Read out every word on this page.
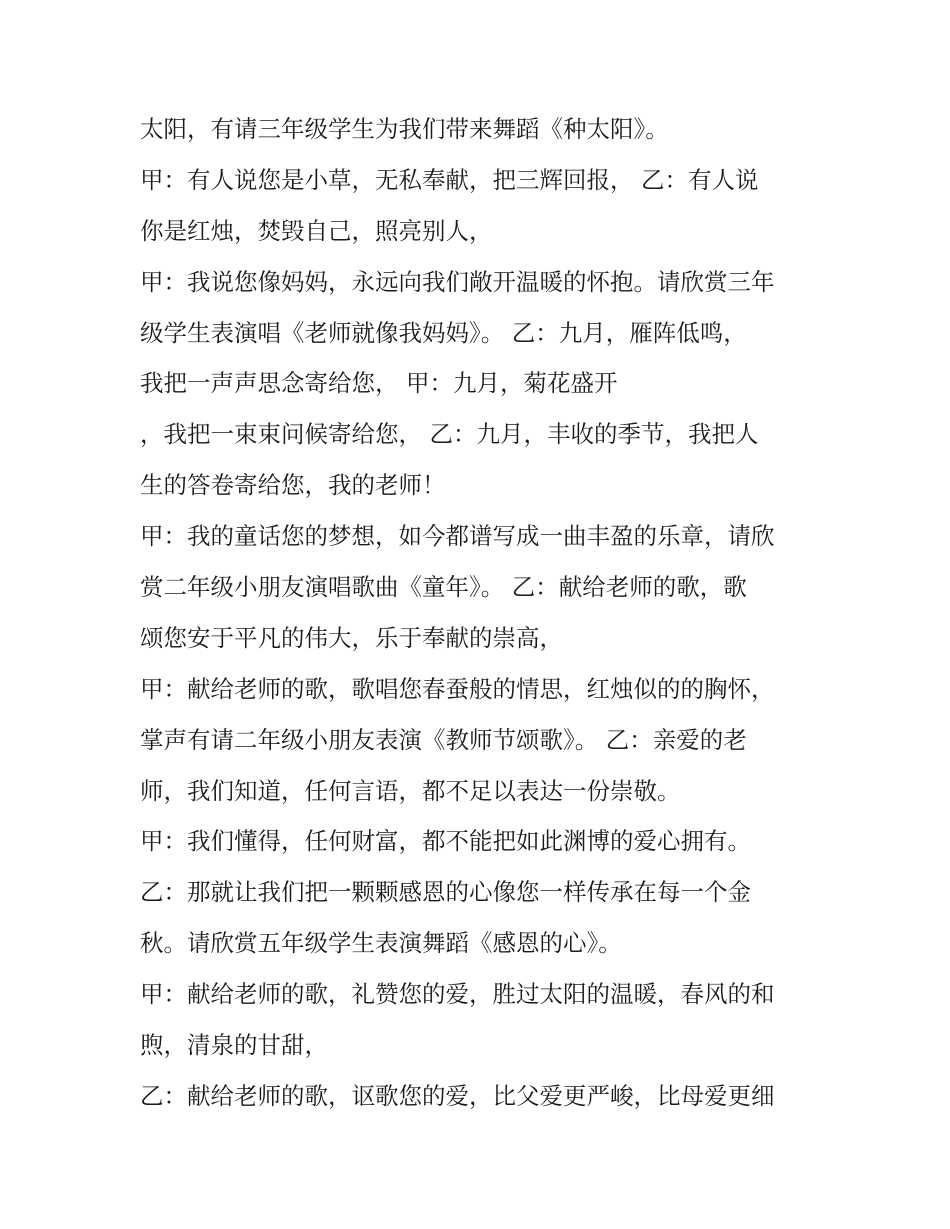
太阳，有请三年级学生为我们带来舞蹈《种太阳》。
甲：有人说您是小草，无私奉献，把三辉回报， 乙：有人说
你是红烛，焚毁自己，照亮别人，
甲：我说您像妈妈，永远向我们敞开温暖的怀抱。请欣赏三年
级学生表演唱《老师就像我妈妈》。 乙：九月，雁阵低鸣，
我把一声声思念寄给您， 甲：九月，菊花盛开
，我把一束束问候寄给您， 乙：九月，丰收的季节，我把人
生的答卷寄给您，我的老师！
甲：我的童话您的梦想，如今都谱写成一曲丰盈的乐章，请欣
赏二年级小朋友演唱歌曲《童年》。 乙：献给老师的歌，歌
颂您安于平凡的伟大，乐于奉献的崇高，
甲：献给老师的歌，歌唱您春蚕般的情思，红烛似的的胸怀，
掌声有请二年级小朋友表演《教师节颂歌》。 乙：亲爱的老
师，我们知道，任何言语，都不足以表达一份崇敬。
甲：我们懂得，任何财富，都不能把如此渊博的爱心拥有。
乙：那就让我们把一颗颗感恩的心像您一样传承在每一个金
秋。请欣赏五年级学生表演舞蹈《感恩的心》。
甲：献给老师的歌，礼赞您的爱，胜过太阳的温暖，春风的和
煦，清泉的甘甜，
乙：献给老师的歌，讴歌您的爱，比父爱更严峻，比母爱更细
